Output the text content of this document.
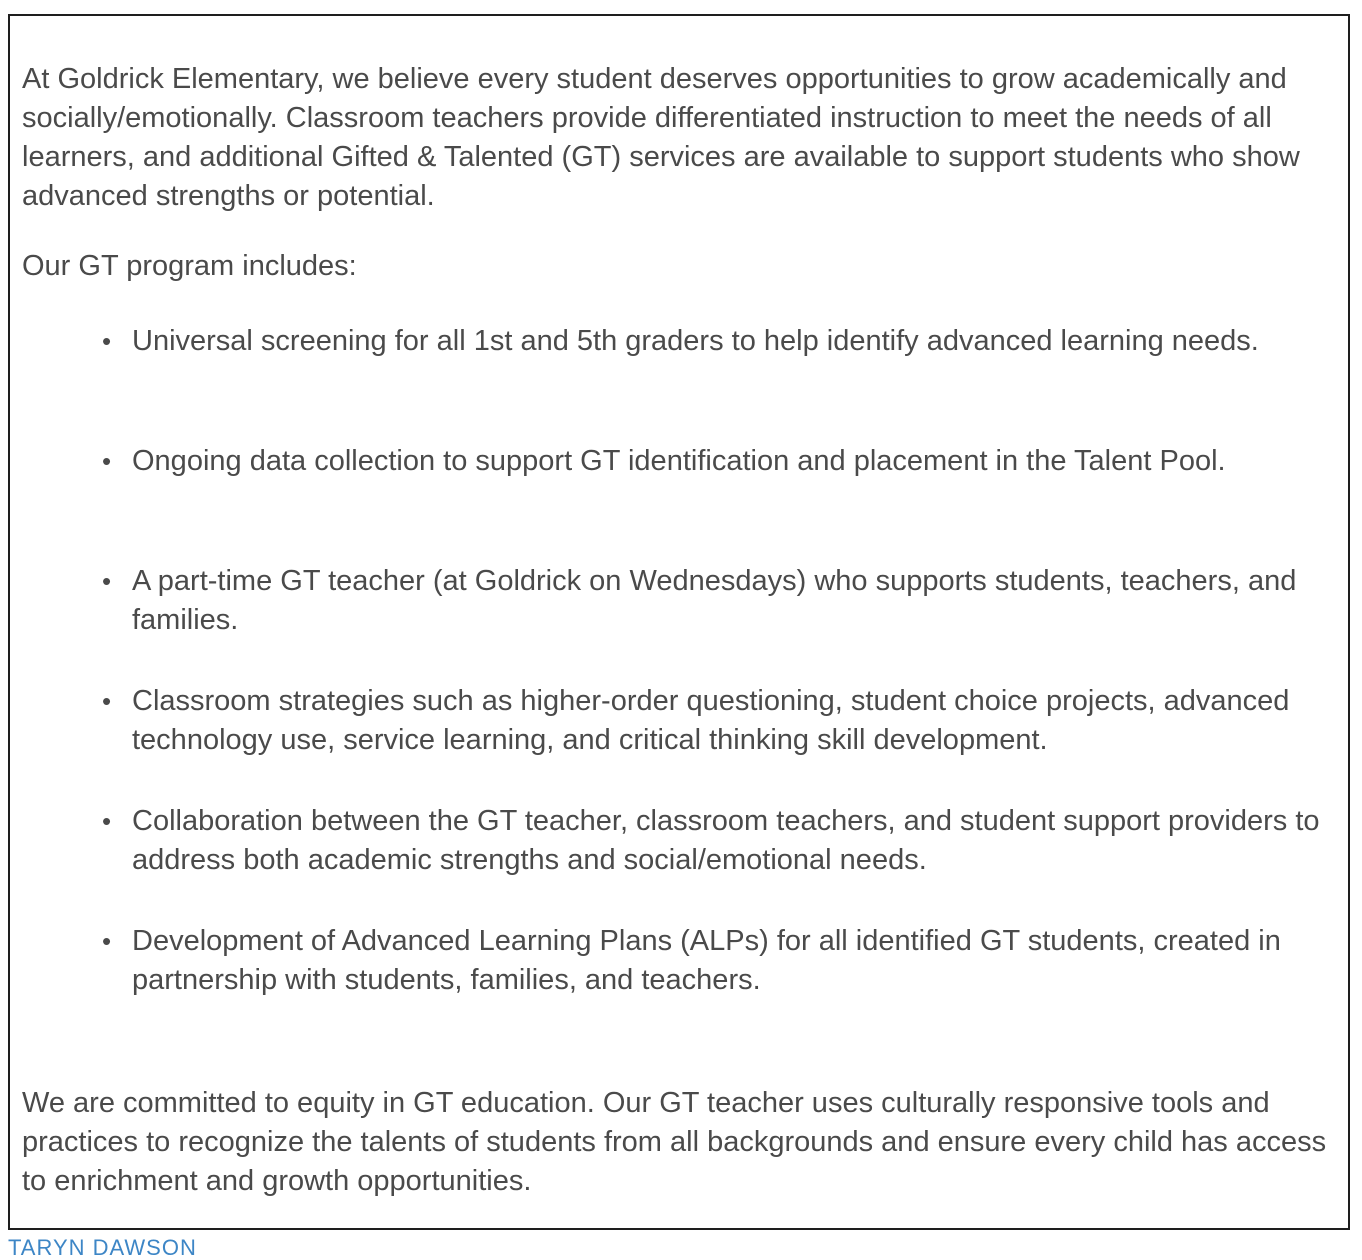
At Goldrick Elementary, we believe every student deserves opportunities to grow academically and socially/emotionally. Classroom teachers provide differentiated instruction to meet the needs of all learners, and additional Gifted & Talented (GT) services are available to support students who show advanced strengths or potential.

Our GT program includes:

• Universal screening for all 1st and 5th graders to help identify advanced learning needs.
• Ongoing data collection to support GT identification and placement in the Talent Pool.
• A part-time GT teacher (at Goldrick on Wednesdays) who supports students, teachers, and families.
• Classroom strategies such as higher-order questioning, student choice projects, advanced technology use, service learning, and critical thinking skill development.
• Collaboration between the GT teacher, classroom teachers, and student support providers to address both academic strengths and social/emotional needs.
• Development of Advanced Learning Plans (ALPs) for all identified GT students, created in partnership with students, families, and teachers.

We are committed to equity in GT education. Our GT teacher uses culturally responsive tools and practices to recognize the talents of students from all backgrounds and ensure every child has access to enrichment and growth opportunities.

TARYN DAWSON
